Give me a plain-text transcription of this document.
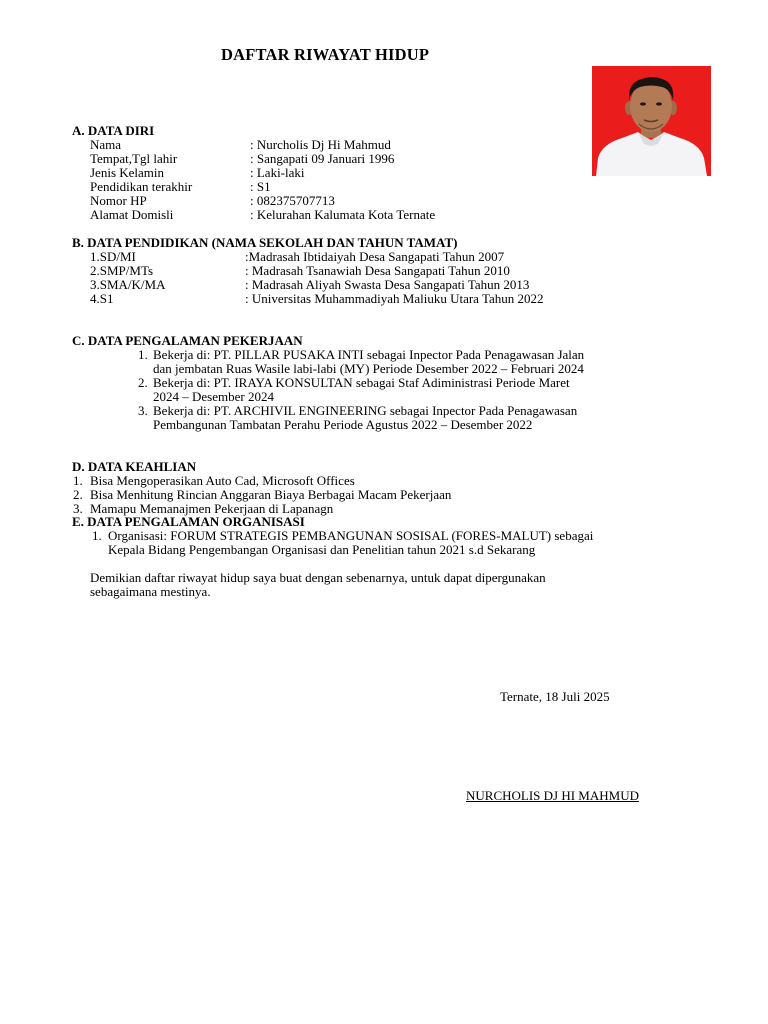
DAFTAR RIWAYAT HIDUP
A. DATA DIRI
Nama	: Nurcholis Dj Hi Mahmud
Tempat,Tgl lahir	: Sangapati 09 Januari 1996
Jenis Kelamin	: Laki-laki
Pendidikan terakhir	: S1
Nomor HP	: 082375707713
Alamat Domisli	: Kelurahan Kalumata Kota Ternate
B. DATA PENDIDIKAN (NAMA SEKOLAH DAN TAHUN TAMAT)
1.SD/MI	:Madrasah Ibtidaiyah Desa Sangapati Tahun 2007
2.SMP/MTs	: Madrasah Tsanawiah Desa Sangapati Tahun 2010
3.SMA/K/MA	: Madrasah Aliyah Swasta Desa Sangapati Tahun 2013
4.S1	: Universitas Muhammadiyah Maliuku Utara Tahun 2022
C. DATA PENGALAMAN PEKERJAAN
1. Bekerja di: PT. PILLAR PUSAKA INTI sebagai Inpector Pada Penagawasan Jalan
dan jembatan Ruas Wasile labi-labi (MY) Periode Desember 2022 – Februari 2024
2. Bekerja di: PT. IRAYA KONSULTAN sebagai Staf Adiministrasi Periode Maret
2024 – Desember 2024
3. Bekerja di: PT. ARCHIVIL ENGINEERING sebagai Inpector Pada Penagawasan
Pembangunan Tambatan Perahu Periode Agustus 2022 – Desember 2022
D. DATA KEAHLIAN
1. Bisa Mengoperasikan Auto Cad, Microsoft Offices
2. Bisa Menhitung Rincian Anggaran Biaya Berbagai Macam Pekerjaan
3. Mamapu Memanajmen Pekerjaan di Lapanagn
E. DATA PENGALAMAN ORGANISASI
1. Organisasi: FORUM STRATEGIS PEMBANGUNAN SOSISAL (FORES-MALUT) sebagai
Kepala Bidang Pengembangan Organisasi dan Penelitian tahun 2021 s.d Sekarang
Demikian daftar riwayat hidup saya buat dengan sebenarnya, untuk dapat dipergunakan
sebagaimana mestinya.
Ternate, 18 Juli 2025
NURCHOLIS DJ HI MAHMUD
